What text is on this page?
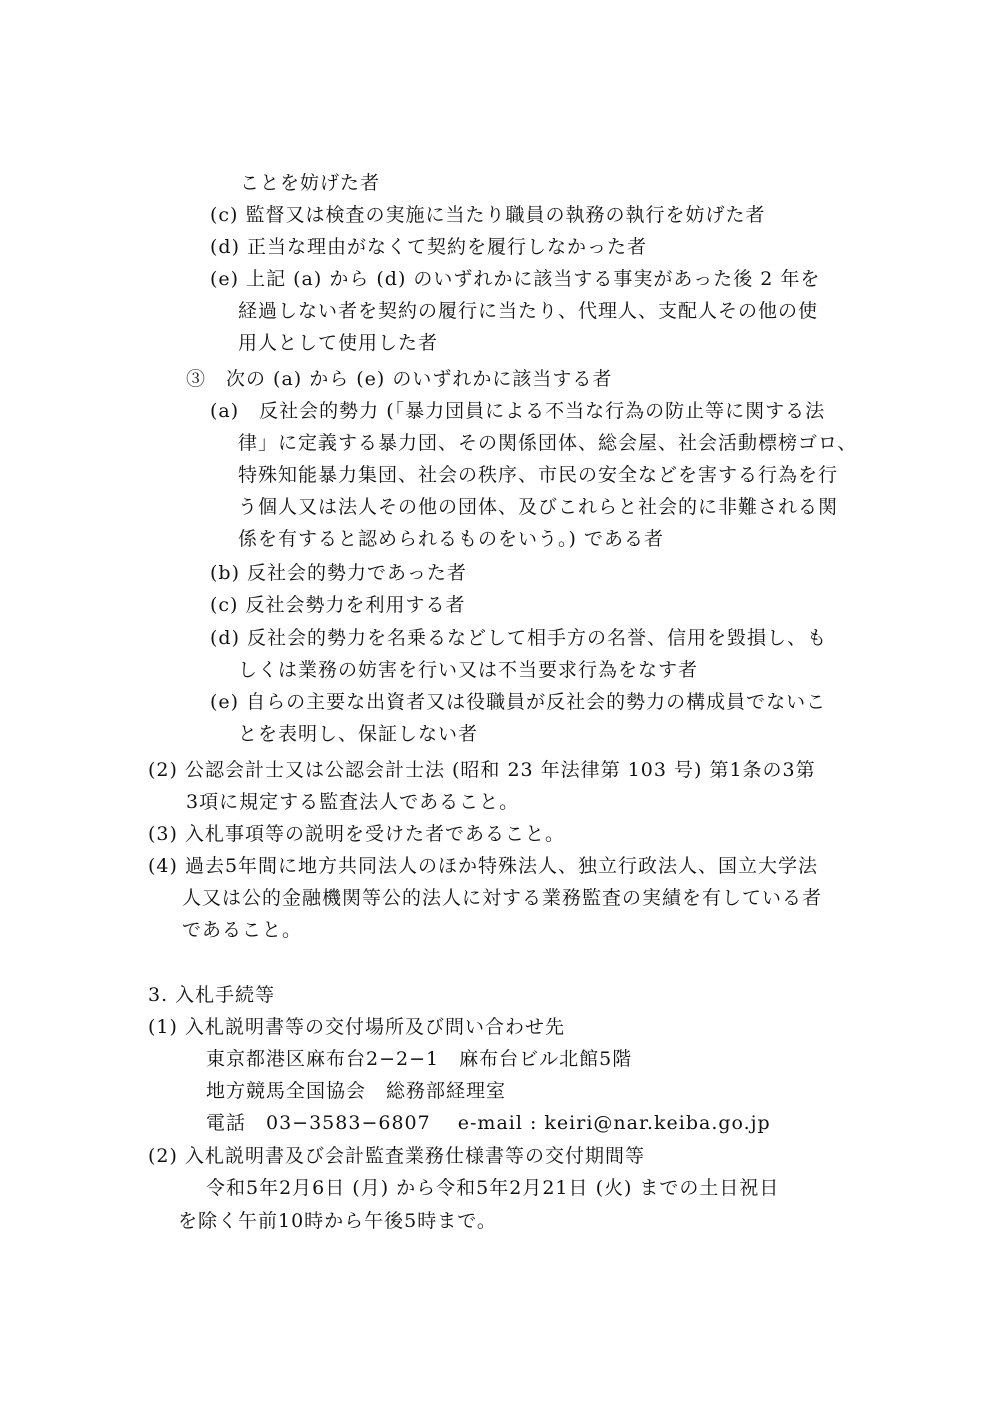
ことを妨げた者
(c) 監督又は検査の実施に当たり職員の執務の執行を妨げた者
(d) 正当な理由がなくて契約を履行しなかった者
(e) 上記 (a) から (d) のいずれかに該当する事実があった後 2 年を
経過しない者を契約の履行に当たり、代理人、支配人その他の使
用人として使用した者
③　次の (a) から (e) のいずれかに該当する者
(a)　反社会的勢力 (「暴力団員による不当な行為の防止等に関する法
律」に定義する暴力団、その関係団体、総会屋、社会活動標榜ゴロ、
特殊知能暴力集団、社会の秩序、市民の安全などを害する行為を行
う個人又は法人その他の団体、及びこれらと社会的に非難される関
係を有すると認められるものをいう。) である者
(b) 反社会的勢力であった者
(c) 反社会勢力を利用する者
(d) 反社会的勢力を名乗るなどして相手方の名誉、信用を毀損し、も
しくは業務の妨害を行い又は不当要求行為をなす者
(e) 自らの主要な出資者又は役職員が反社会的勢力の構成員でないこ
とを表明し、保証しない者
(2) 公認会計士又は公認会計士法 (昭和 23 年法律第 103 号) 第1条の3第
3項に規定する監査法人であること。
(3) 入札事項等の説明を受けた者であること。
(4) 過去5年間に地方共同法人のほか特殊法人、独立行政法人、国立大学法
人又は公的金融機関等公的法人に対する業務監査の実績を有している者
であること。
3. 入札手続等
(1) 入札説明書等の交付場所及び問い合わせ先
東京都港区麻布台2−2−1　麻布台ビル北館5階
地方競馬全国協会　総務部経理室
電話　03−3583−6807　 e-mail : keiri@nar.keiba.go.jp
(2) 入札説明書及び会計監査業務仕様書等の交付期間等
令和5年2月6日 (月) から令和5年2月21日 (火) までの土日祝日
を除く午前10時から午後5時まで。
